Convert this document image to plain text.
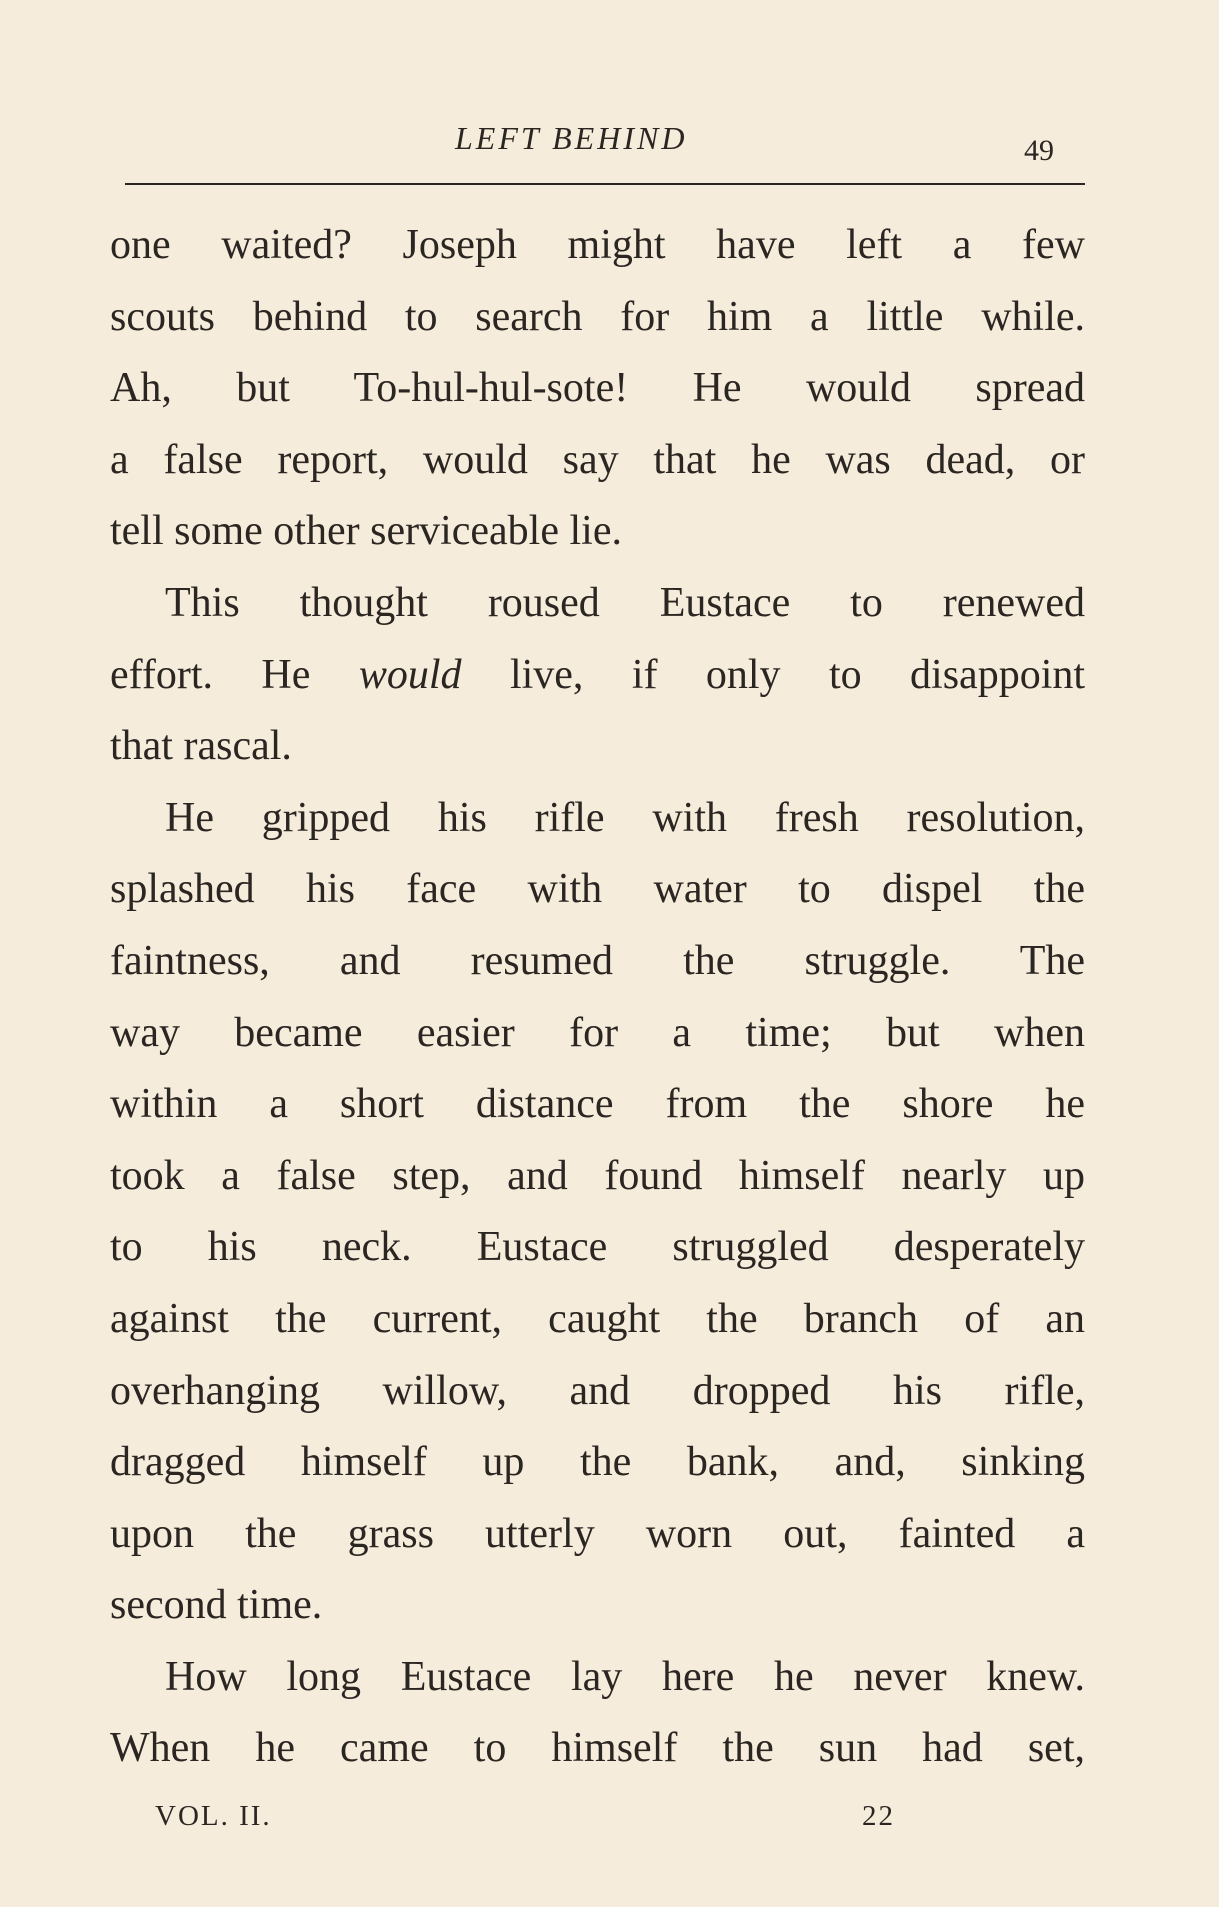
LEFT BEHIND	49
one waited? Joseph might have left a few
scouts behind to search for him a little while.
Ah, but To-hul-hul-sote! He would spread
a false report, would say that he was dead, or
tell some other serviceable lie.
This thought roused Eustace to renewed
effort. He would live, if only to disappoint
that rascal.
He gripped his rifle with fresh resolution,
splashed his face with water to dispel the
faintness, and resumed the struggle. The
way became easier for a time; but when
within a short distance from the shore he
took a false step, and found himself nearly up
to his neck. Eustace struggled desperately
against the current, caught the branch of an
overhanging willow, and dropped his rifle,
dragged himself up the bank, and, sinking
upon the grass utterly worn out, fainted a
second time.
How long Eustace lay here he never knew.
When he came to himself the sun had set,
VOL. II.	22
